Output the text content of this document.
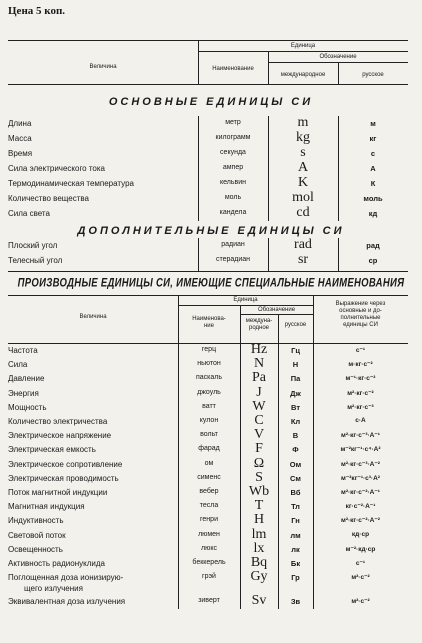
Цена 5 коп.
Единица
Величина	Наименование
Обозначение
международное	русское
ОСНОВНЫЕ ЕДИНИЦЫ СИ
Длина	метр	m	м
Масса	килограмм	kg	кг
Время	секунда	s	с
Сила электрического тока	ампер	A	А
Термодинамическая температура	кельвин	K	К
Количество вещества	моль	mol	моль
Сила света	кандела	cd	кд
ДОПОЛНИТЕЛЬНЫЕ ЕДИНИЦЫ СИ
Плоский угол	радиан	rad	рад
Телесный угол	стерадиан	sr	ср
ПРОИЗВОДНЫЕ ЕДИНИЦЫ СИ, ИМЕЮЩИЕ СПЕЦИАЛЬНЫЕ НАИМЕНОВАНИЯ
Единица
Величина	Наименова-
ние
Обозначение
междуна-
родное	русское
Выражение через
основные и до-
полнительные
единицы СИ
Частота	герц	Hz	Гц	с⁻¹
Сила	ньютон	N	Н	м·кг·с⁻²
Давление	паскаль	Pa	Па	м⁻¹·кг·с⁻²
Энергия	джоуль	J	Дж	м²·кг·с⁻²
Мощность	ватт	W	Вт	м²·кг·с⁻³
Количество электричества	кулон	C	Кл	с·А
Электрическое напряжение	вольт	V	В	м²·кг·с⁻³·А⁻¹
Электрическая емкость	фарад	F	Ф	м⁻²кг⁻¹·с⁴·А²
Электрическое сопротивление	ом	Ω	Ом	м²·кг·с⁻³·А⁻²
Электрическая проводимость	сименс	S	См	м⁻²кг⁻¹·с³·А²
Поток магнитной индукции	вебер	Wb	Вб	м²·кг·с⁻²·А⁻¹
Магнитная индукция	тесла	T	Тл	кг·с⁻²·А⁻¹
Индуктивность	генри	H	Гн	м²·кг·с⁻²·А⁻²
Световой поток	люмен	lm	лм	кд·ср
Освещенность	люкс	lx	лк	м⁻²·кд·ср
Активность радионуклида	беккерель	Bq	Бк	с⁻¹
Поглощенная доза ионизирую-	грэй	Gy	Гр	м²·с⁻²
щего излучения
Эквивалентная доза излучения	зиверт	Sv	Зв	м²·с⁻²
